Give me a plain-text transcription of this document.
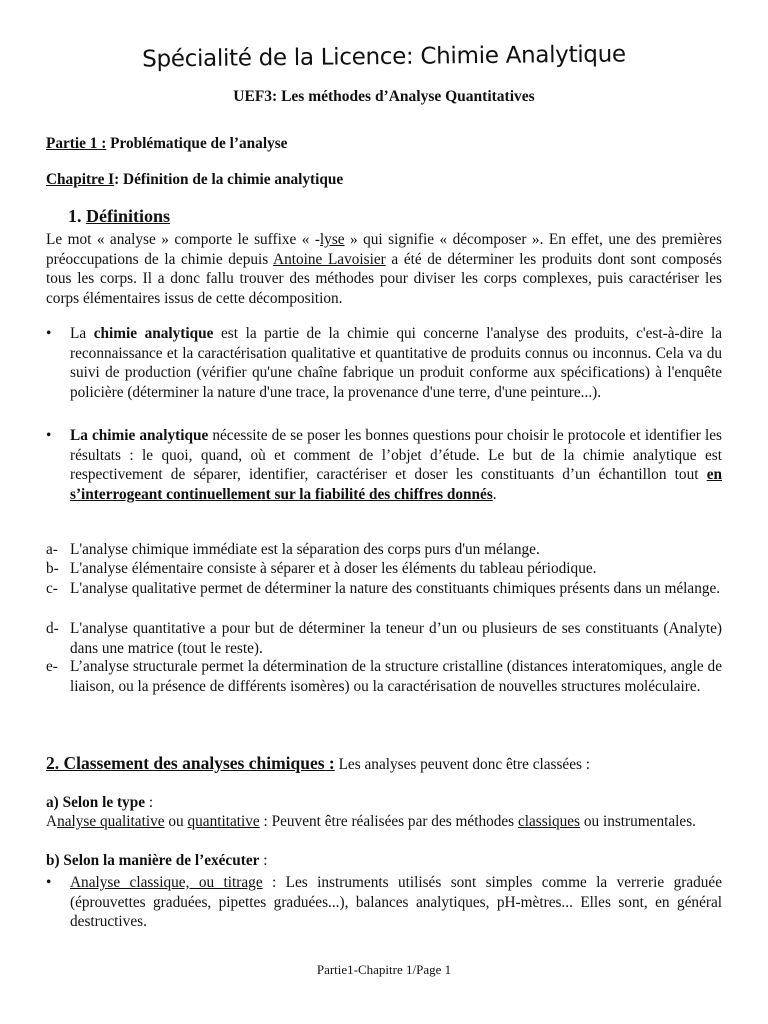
Spécialité de la Licence: Chimie Analytique
UEF3: Les méthodes d’Analyse Quantitatives
Partie 1 : Problématique de l’analyse
Chapitre I: Définition de la chimie analytique
1. Définitions
Le mot « analyse » comporte le suffixe « -lyse » qui signifie « décomposer ». En effet, une des premières préoccupations de la chimie depuis Antoine Lavoisier a été de déterminer les produits dont sont composés tous les corps. Il a donc fallu trouver des méthodes pour diviser les corps complexes, puis caractériser les corps élémentaires issus de cette décomposition.
•	La chimie analytique est la partie de la chimie qui concerne l'analyse des produits, c'est-à-dire la reconnaissance et la caractérisation qualitative et quantitative de produits connus ou inconnus. Cela va du suivi de production (vérifier qu'une chaîne fabrique un produit conforme aux spécifications) à l'enquête policière (déterminer la nature d'une trace, la provenance d'une terre, d'une peinture...).
•	La chimie analytique nécessite de se poser les bonnes questions pour choisir le protocole et identifier les résultats : le quoi, quand, où et comment de l’objet d’étude. Le but de la chimie analytique est respectivement de séparer, identifier, caractériser et doser les constituants d’un échantillon tout en s’interrogeant continuellement sur la fiabilité des chiffres donnés.
a- L'analyse chimique immédiate est la séparation des corps purs d'un mélange.
b- L'analyse élémentaire consiste à séparer et à doser les éléments du tableau périodique.
c- L'analyse qualitative permet de déterminer la nature des constituants chimiques présents dans un mélange.
d- L'analyse quantitative a pour but de déterminer la teneur d’un ou plusieurs de ses constituants (Analyte) dans une matrice (tout le reste).
e- L’analyse structurale permet la détermination de la structure cristalline (distances interatomiques, angle de liaison, ou la présence de différents isomères) ou la caractérisation de nouvelles structures moléculaire.
2. Classement des analyses chimiques : Les analyses peuvent donc être classées :
a) Selon le type :
Analyse qualitative ou quantitative : Peuvent être réalisées par des méthodes classiques ou instrumentales.
b) Selon la manière de l’exécuter :
•	Analyse classique, ou titrage : Les instruments utilisés sont simples comme la verrerie graduée (éprouvettes graduées, pipettes graduées...), balances analytiques, pH-mètres... Elles sont, en général destructives.
Partie1-Chapitre 1/Page 1
